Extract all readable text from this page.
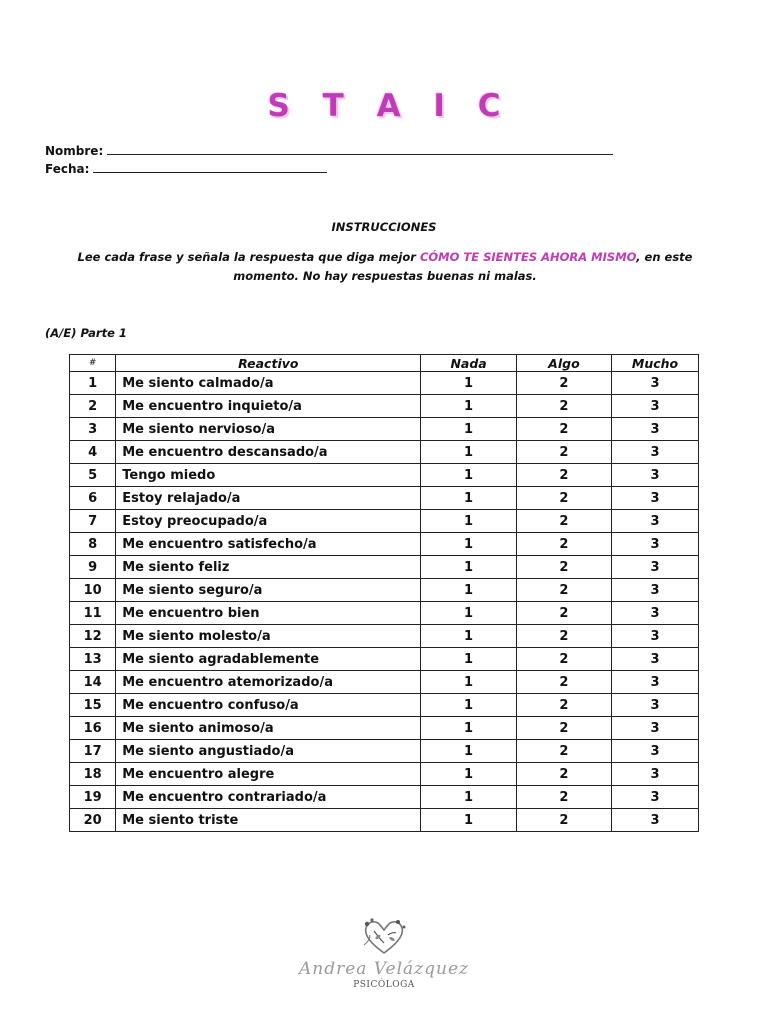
S T A I C
Nombre:
Fecha:
INSTRUCCIONES
Lee cada frase y señala la respuesta que diga mejor CÓMO TE SIENTES AHORA MISMO, en este momento. No hay respuestas buenas ni malas.
(A/E) Parte 1
#	Reactivo	Nada	Algo	Mucho
1	Me siento calmado/a	1	2	3
2	Me encuentro inquieto/a	1	2	3
3	Me siento nervioso/a	1	2	3
4	Me encuentro descansado/a	1	2	3
5	Tengo miedo	1	2	3
6	Estoy relajado/a	1	2	3
7	Estoy preocupado/a	1	2	3
8	Me encuentro satisfecho/a	1	2	3
9	Me siento feliz	1	2	3
10	Me siento seguro/a	1	2	3
11	Me encuentro bien	1	2	3
12	Me siento molesto/a	1	2	3
13	Me siento agradablemente	1	2	3
14	Me encuentro atemorizado/a	1	2	3
15	Me encuentro confuso/a	1	2	3
16	Me siento animoso/a	1	2	3
17	Me siento angustiado/a	1	2	3
18	Me encuentro alegre	1	2	3
19	Me encuentro contrariado/a	1	2	3
20	Me siento triste	1	2	3
Andrea Velázquez
PSICÓLOGA
